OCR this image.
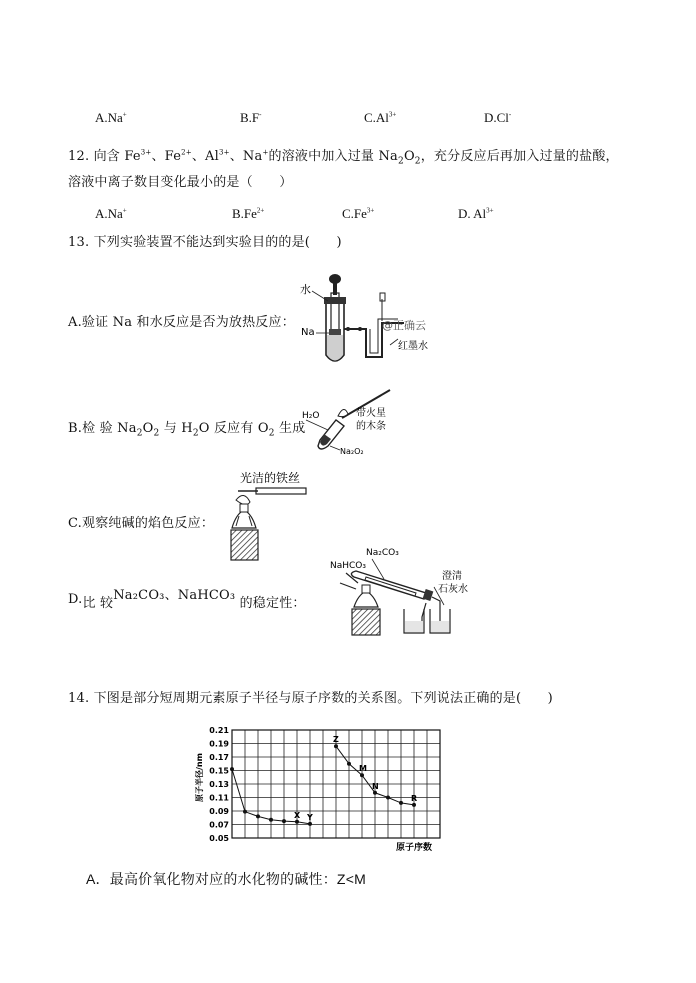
A.Na+	B.F-	$C.Al^{3+}$	D.Cl-
12. 向含 $Fe^{3+}$、$Fe^{2+}$、$Al^{3+}$、Na+的溶液中加入过量 $Na_2O_2$，充分反应后再加入过量的盐酸，
溶液中离子数目变化最小的是（　　）
A.Na+	$B.Fe^{2+}$	$C.Fe^{3+}$	D. $Al^{3+}$
13. 下列实验装置不能达到实验目的的是(　　)
A.验证 Na 和水反应是否为放热反应：
水
Na
@正确云
红墨水
B.检 验 $Na_2O_2$ 与 $H_2O$ 反应有 $O_2$ 生成
H₂O	带火星
的木条
Na₂O₂
C.观察纯碱的焰色反应：
光洁的铁丝
D.比 较Na₂CO₃、NaHCO₃ 的稳定性：
Na₂CO₃
NaHCO₃
澄清
石灰水
14. 下图是部分短周期元素原子半径与原子序数的关系图。下列说法正确的是(　　)
0.21
0.19
0.17
0.15
0.13
0.11
0.09
0.07
0.05
原子半径/nm
原子序数
X Y
Z
M
N
R
A．最高价氧化物对应的水化物的碱性：Z<M
